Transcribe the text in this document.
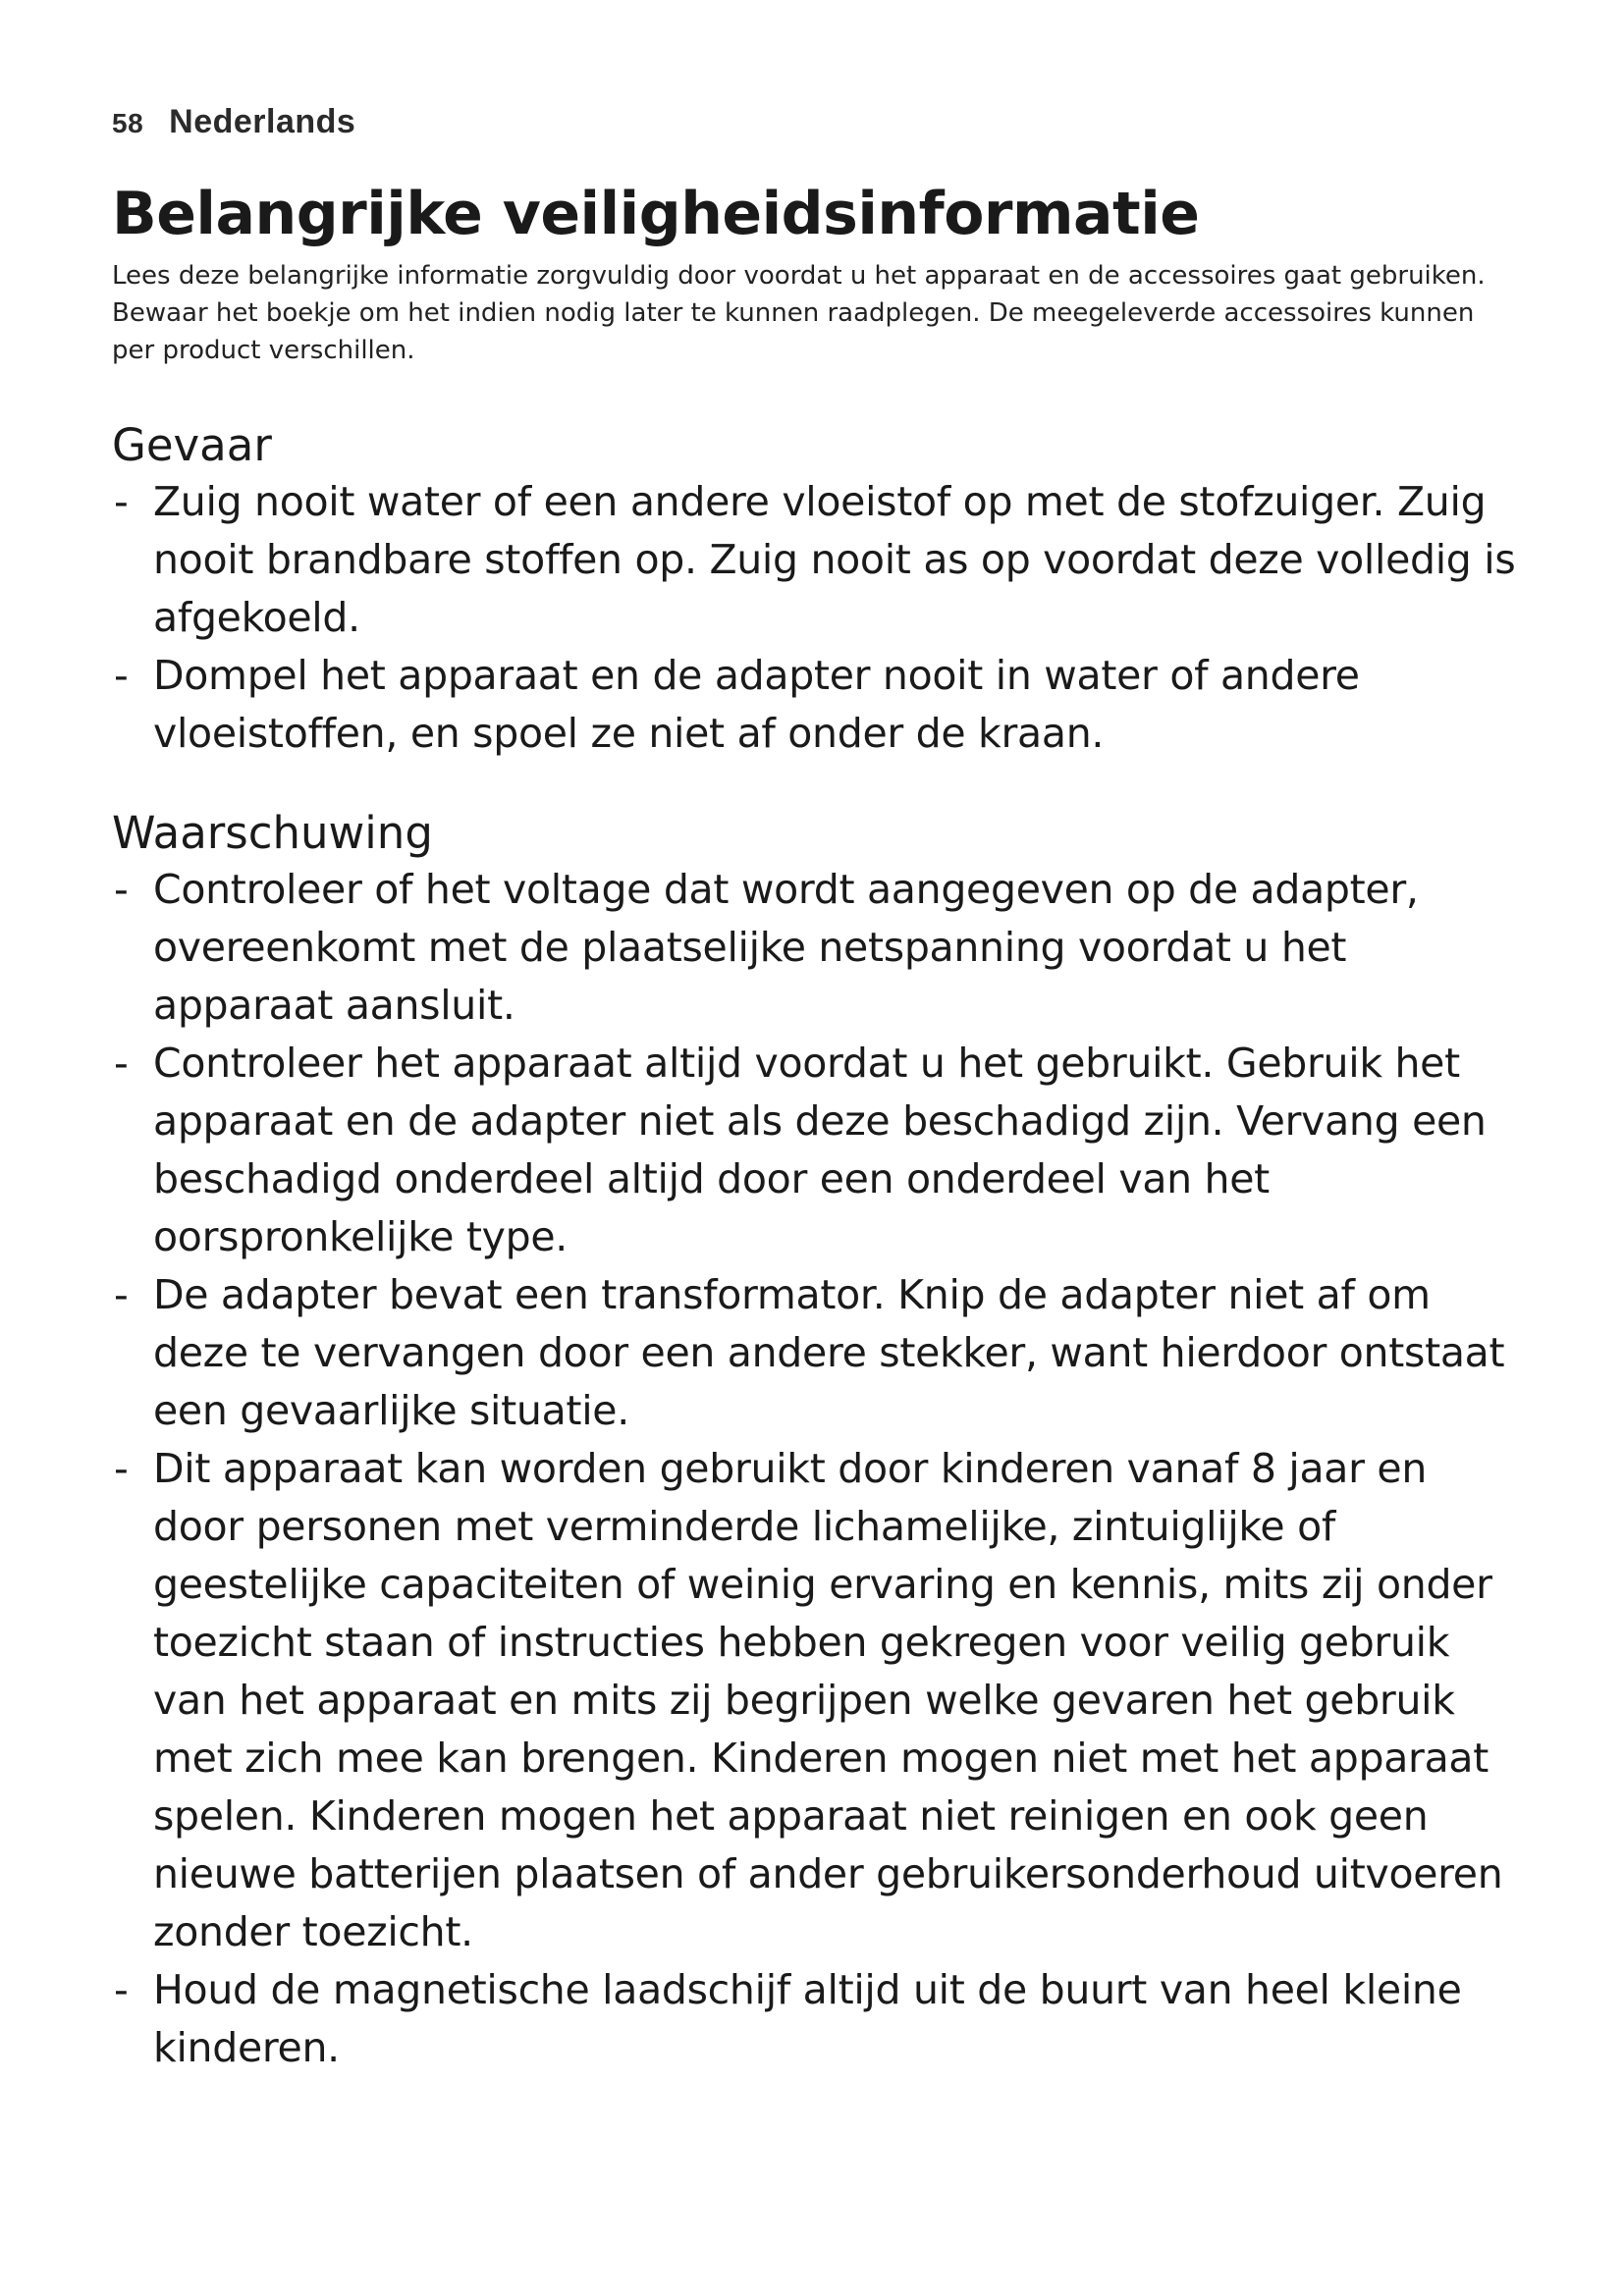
58 Nederlands
Belangrijke veiligheidsinformatie

Lees deze belangrijke informatie zorgvuldig door voordat u het apparaat en de accessoires gaat gebruiken. Bewaar het boekje om het indien nodig later te kunnen raadplegen. De meegeleverde accessoires kunnen per product verschillen.

Gevaar
- Zuig nooit water of een andere vloeistof op met de stofzuiger. Zuig nooit brandbare stoffen op. Zuig nooit as op voordat deze volledig is afgekoeld.
- Dompel het apparaat en de adapter nooit in water of andere vloeistoffen, en spoel ze niet af onder de kraan.
Waarschuwing
- Controleer of het voltage dat wordt aangegeven op de adapter, overeenkomt met de plaatselijke netspanning voordat u het apparaat aansluit.
- Controleer het apparaat altijd voordat u het gebruikt. Gebruik het apparaat en de adapter niet als deze beschadigd zijn. Vervang een beschadigd onderdeel altijd door een onderdeel van het oorspronkelijke type.
- De adapter bevat een transformator. Knip de adapter niet af om deze te vervangen door een andere stekker, want hierdoor ontstaat een gevaarlijke situatie.
- Dit apparaat kan worden gebruikt door kinderen vanaf 8 jaar en door personen met verminderde lichamelijke, zintuiglijke of geestelijke capaciteiten of weinig ervaring en kennis, mits zij onder toezicht staan of instructies hebben gekregen voor veilig gebruik van het apparaat en mits zij begrijpen welke gevaren het gebruik met zich mee kan brengen. Kinderen mogen niet met het apparaat spelen. Kinderen mogen het apparaat niet reinigen en ook geen nieuwe batterijen plaatsen of ander gebruikersonderhoud uitvoeren zonder toezicht.
- Houd de magnetische laadschijf altijd uit de buurt van heel kleine kinderen.
